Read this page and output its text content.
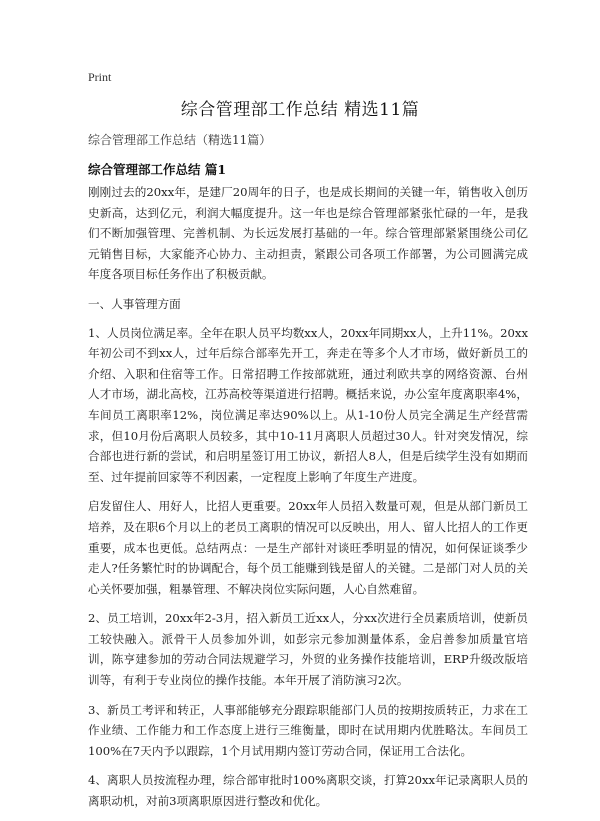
Print
综合管理部工作总结 精选11篇
综合管理部工作总结（精选11篇）
综合管理部工作总结 篇1

刚刚过去的20xx年，是建厂20周年的日子，也是成长期间的关键一年，销售收入创历史新高，达到亿元，利润大幅度提升。这一年也是综合管理部紧张忙碌的一年，是我们不断加强管理、完善机制、为长远发展打基础的一年。综合管理部紧紧围绕公司亿元销售目标，大家能齐心协力、主动担责，紧跟公司各项工作部署，为公司圆满完成年度各项目标任务作出了积极贡献。

一、人事管理方面

1、人员岗位满足率。全年在职人员平均数xx人，20xx年同期xx人，上升11%。20xx年初公司不到xx人，过年后综合部率先开工，奔走在等多个人才市场，做好新员工的介绍、入职和住宿等工作。日常招聘工作按部就班，通过利欧共享的网络资源、台州人才市场，湖北高校，江苏高校等渠道进行招聘。概括来说，办公室年度离职率4%，车间员工离职率12%，岗位满足率达90%以上。从1-10份人员完全满足生产经营需求，但10月份后离职人员较多，其中10-11月离职人员超过30人。针对突发情况，综合部也进行新的尝试，和启明星签订用工协议，新招人8人，但是后续学生没有如期而至、过年提前回家等不利因素，一定程度上影响了年度生产进度。

启发留住人、用好人，比招人更重要。20xx年人员招入数量可观，但是从部门新员工培养，及在职6个月以上的老员工离职的情况可以反映出，用人、留人比招人的工作更重要，成本也更低。总结两点：一是生产部针对谈旺季明显的情况，如何保证谈季少走人?任务繁忙时的协调配合，每个员工能赚到钱是留人的关键。二是部门对人员的关心关怀要加强，粗暴管理、不解决岗位实际问题，人心自然难留。

2、员工培训，20xx年2-3月，招入新员工近xx人，分xx次进行全员素质培训，使新员工较快融入。派骨干人员参加外训，如彭宗元参加测量体系，金启善参加质量官培训，陈亨建参加的劳动合同法规避学习，外贸的业务操作技能培训，ERP升级改版培训等，有利于专业岗位的操作技能。本年开展了消防演习2次。

3、新员工考评和转正，人事部能够充分跟踪职能部门人员的按期按质转正，力求在工作业绩、工作能力和工作态度上进行三维衡量，即时在试用期内优胜略汰。车间员工100%在7天内予以跟踪，1个月试用期内签订劳动合同，保证用工合法化。

4、离职人员按流程办理，综合部审批时100%离职交谈，打算20xx年记录离职人员的离职动机，对前3项离职原因进行整改和优化。
